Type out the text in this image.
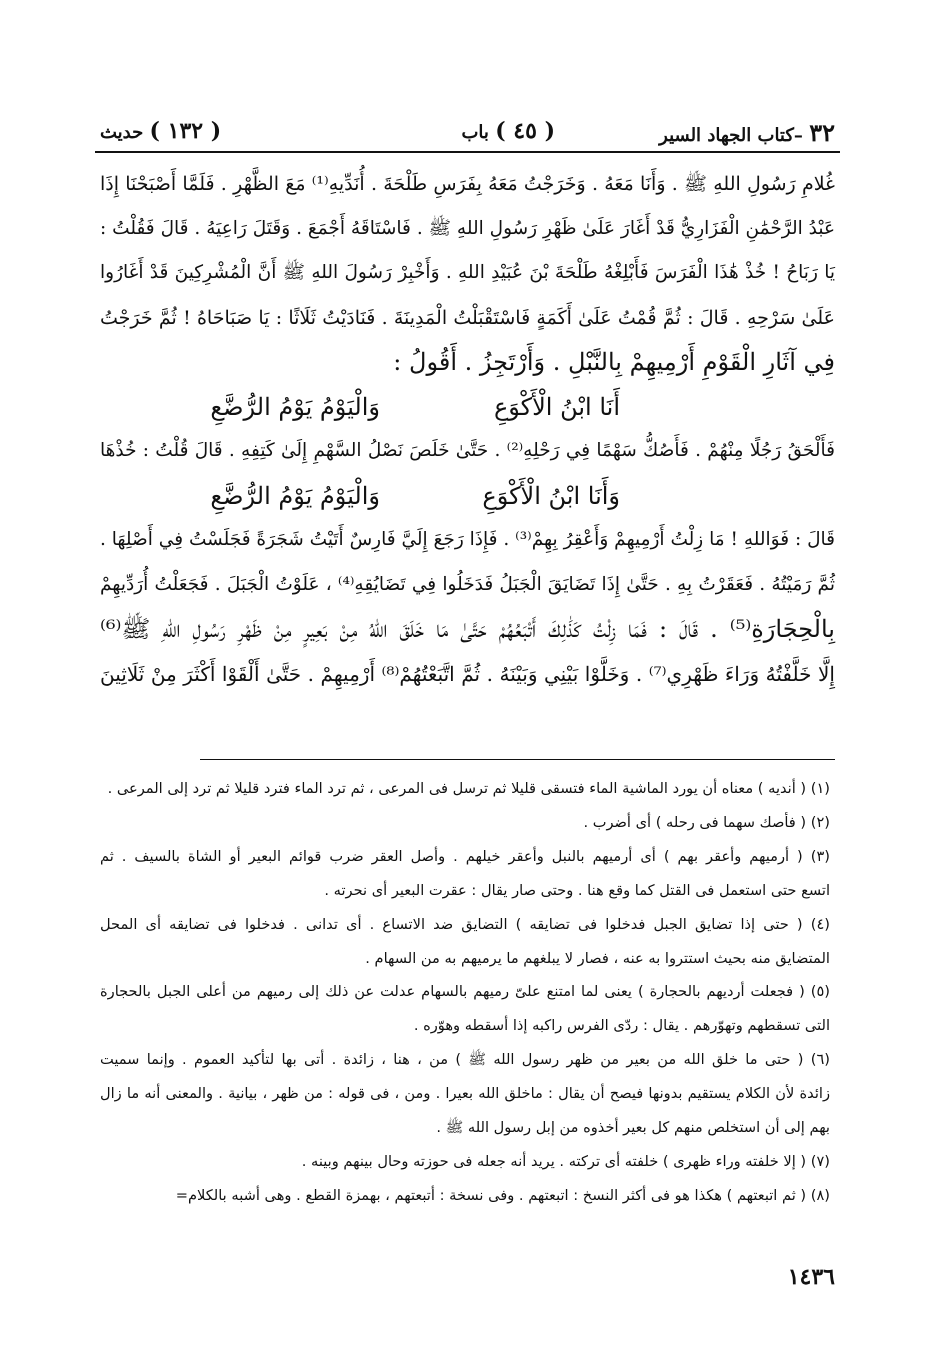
٣٢ –كتاب الجهاد السير
( ٤٥ ) باب
( ١٣٢ ) حديث

غُلامِ رَسُولِ اللهِ ﷺ . وَأَنَا مَعَهُ . وَخَرَجْتُ مَعَهُ بِفَرَسِ طَلْحَةَ . أُنَدِّيهِ⁽¹⁾ مَعَ الظَّهْرِ . فَلَمَّا أَصْبَحْنَا إِذَا

عَبْدُ الرَّحْمَٰنِ الْفَزَارِيُّ قَدْ أَغَارَ عَلَىٰ ظَهْرِ رَسُولِ اللهِ ﷺ . فَاسْتَاقَهُ أَجْمَعَ . وَقَتَلَ رَاعِيَهُ . قَالَ فَقُلْتُ :

يَا رَبَاحُ ! خُذْ هَٰذَا الْفَرَسَ فَأَبْلِغْهُ طَلْحَةَ بْنَ عُبَيْدِ اللهِ . وَأَخْبِرْ رَسُولَ اللهِ ﷺ أَنَّ الْمُشْرِكِينَ قَدْ أَغَارُوا

عَلَىٰ سَرْحِهِ . قَالَ : ثُمَّ قُمْتُ عَلَىٰ أَكَمَةٍ فَاسْتَقْبَلْتُ الْمَدِينَةَ . فَنَادَيْتُ ثَلَاثًا : يَا صَبَاحَاهُ ! ثُمَّ خَرَجْتُ

فِي آثَارِ الْقَوْمِ أَرْمِيهِمْ بِالنَّبْلِ . وَأَرْتَجِزُ . أَقُولُ :

أَنَا ابْنُ الْأَكْوَعِ
وَالْيَوْمُ يَوْمُ الرُّضَّعِ

فَأَلْحَقُ رَجُلًا مِنْهُمْ . فَأَصُكُّ سَهْمًا فِي رَحْلِهِ⁽²⁾ . حَتَّىٰ خَلَصَ نَصْلُ السَّهْمِ إِلَىٰ كَتِفِهِ . قَالَ قُلْتُ : خُذْهَا

وَأَنَا ابْنُ الْأَكْوَعِ
وَالْيَوْمُ يَوْمُ الرُّضَّعِ

قَالَ : فَوَاللهِ ! مَا زِلْتُ أَرْمِيهِمْ وَأَعْقِرُ بِهِمْ⁽³⁾ . فَإِذَا رَجَعَ إِلَيَّ فَارِسٌ أَتَيْتُ شَجَرَةً فَجَلَسْتُ فِي أَصْلِهَا .

ثُمَّ رَمَيْتُهُ . فَعَقَرْتُ بِهِ . حَتَّىٰ إِذَا تَضَايَقَ الْجَبَلُ فَدَخَلُوا فِي تَضَايُقِهِ⁽⁴⁾ ، عَلَوْتُ الْجَبَلَ . فَجَعَلْتُ أُرَدِّيهِمْ

بِالْحِجَارَةِ⁽⁵⁾ . قَالَ : فَمَا زِلْتُ كَذَٰلِكَ أَتْبَعُهُمْ حَتَّىٰ مَا خَلَقَ اللهُ مِنْ بَعِيرٍ مِنْ ظَهْرِ رَسُولِ اللهِ ﷺ⁽⁶⁾

إِلَّا خَلَّفْتُهُ وَرَاءَ ظَهْرِي⁽⁷⁾ . وَخَلَّوْا بَيْنِي وَبَيْنَهُ . ثُمَّ اتَّبَعْتُهُمْ⁽⁸⁾ أَرْمِيهِمْ . حَتَّىٰ أَلْقَوْا أَكْثَرَ مِنْ ثَلَاثِينَ

(١) ( أنديه ) معناه أن يورد الماشية الماء فتسقى قليلا ثم ترسل فى المرعى ، ثم ترد الماء فترد قليلا ثم ترد إلى المرعى .

(٢) ( فأصك سهما فى رحله ) أى أضرب .

(٣) ( أرميهم وأعقر بهم ) أى أرميهم بالنبل وأعقر خيلهم . وأصل العقر ضرب قوائم البعير أو الشاة بالسيف . ثم

اتسع حتى استعمل فى القتل كما وقع هنا . وحتى صار يقال : عقرت البعير أى نحرته .

(٤) ( حتى إذا تضايق الجبل فدخلوا فى تضايقه ) التضايق ضد الاتساع . أى تدانى . فدخلوا فى تضايقه أى المحل

المتضايق منه بحيث استتروا به عنه ، فصار لا يبلغهم ما يرميهم به من السهام .

(٥) ( فجعلت أرديهم بالحجارة ) يعنى لما امتنع علىّ رميهم بالسهام عدلت عن ذلك إلى رميهم من أعلى الجبل بالحجارة

التى تسقطهم وتهوّرهم . يقال : ردّى الفرس راكبه إذا أسقطه وهوّره .

(٦) ( حتى ما خلق الله من بعير من ظهر رسول الله ﷺ ) من ، هنا ، زائدة . أتى بها لتأكيد العموم . وإنما سميت

زائدة لأن الكلام يستقيم بدونها فيصح أن يقال : ماخلق الله بعيرا . ومن ، فى قوله : من ظهر ، بيانية . والمعنى أنه ما زال

بهم إلى أن استخلص منهم كل بعير أخذوه من إبل رسول الله ﷺ .

(٧) ( إلا خلفته وراء ظهرى ) خلفته أى تركته . يريد أنه جعله فى حوزته وحال بينهم وبينه .

(٨) ( ثم اتبعتهم ) هكذا هو فى أكثر النسخ : اتبعتهم . وفى نسخة : أتبعتهم ، بهمزة القطع . وهى أشبه بالكلام=

١٤٣٦
